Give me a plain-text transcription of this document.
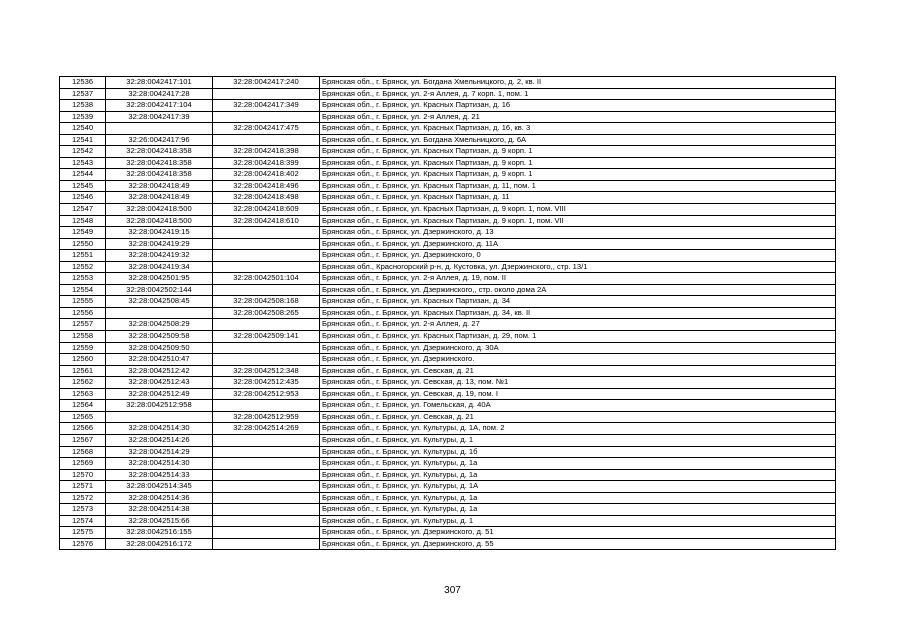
12536	32:28:0042417:101	32:28:0042417:240	Брянская обл., г. Брянск, ул. Богдана Хмельницкого, д. 2, кв. II
12537	32:28:0042417:28		Брянская обл., г. Брянск, ул. 2-я Аллея, д. 7 корп. 1, пом. 1
12538	32:28:0042417:104	32:28:0042417:349	Брянская обл., г. Брянск, ул. Красных Партизан, д. 16
12539	32:28:0042417:39		Брянская обл., г. Брянск, ул. 2-я Аллея, д. 21
12540		32:28:0042417:475	Брянская обл., г. Брянск, ул. Красных Партизан, д. 16, кв. 3
12541	32:26:0042417:96		Брянская обл., г. Брянск, ул. Богдана Хмельницкого, д. 6А
12542	32:28:0042418:358	32:28:0042418:398	Брянская обл., г. Брянск, ул. Красных Партизан, д. 9 корп. 1
12543	32:28:0042418:358	32:28:0042418:399	Брянская обл., г. Брянск, ул. Красных Партизан, д. 9 корп. 1
12544	32:28:0042418:358	32:28:0042418:402	Брянская обл., г. Брянск, ул. Красных Партизан, д. 9 корп. 1
12545	32:28:0042418:49	32:28:0042418:496	Брянская обл., г. Брянск, ул. Красных Партизан, д. 11, пом. 1
12546	32:28:0042418:49	32:28:0042418:498	Брянская обл., г. Брянск, ул. Красных Партизан, д. 11
12547	32:28:0042418:500	32:28:0042418:609	Брянская обл., г. Брянск, ул. Красных Партизан, д. 9 корп. 1, пом. VIII
12548	32:28:0042418:500	32:28:0042418:610	Брянская обл., г. Брянск, ул. Красных Партизан, д. 9 корп. 1, пом. VII
12549	32:28:0042419:15		Брянская обл., г. Брянск, ул. Дзержинского, д. 13
12550	32:28:0042419:29		Брянская обл., г. Брянск, ул. Дзержинского, д. 11А
12551	32:28:0042419:32		Брянская обл., г. Брянск, ул. Дзержинского, 0
12552	32:28:0042419:34		Брянская обл., Красногорский р-н, д. Кустовка, ул. Дзержинского,, стр. 13/1
12553	32:28:0042501:95	32:28:0042501:104	Брянская обл., г. Брянск, ул. 2-я Аллея, д. 19, пом. II
12554	32:28:0042502:144		Брянская обл., г. Брянск, ул. Дзержинского,, стр. около дома 2А
12555	32:28:0042508:45	32:28:0042508:168	Брянская обл., г. Брянск, ул. Красных Партизан, д. 34
12556		32:28:0042508:265	Брянская обл., г. Брянск, ул. Красных Партизан, д. 34, кв. II
12557	32:28:0042508:29		Брянская обл., г. Брянск, ул. 2-я Аллея, д. 27
12558	32:28:0042509:58	32:28:0042509:141	Брянская обл., г. Брянск, ул. Красных Партизан, д. 29, пом. 1
12559	32:28:0042509:50		Брянская обл., г. Брянск, ул. Дзержинского, д. 30А
12560	32:28:0042510:47		Брянская обл., г. Брянск, ул. Дзержинского.
12561	32:28:0042512:42	32:28:0042512:348	Брянская обл., г. Брянск, ул. Севская, д. 21
12562	32:28:0042512:43	32:28:0042512:435	Брянская обл., г. Брянск, ул. Севская, д. 13, пом. №1
12563	32:28:0042512:49	32:28:0042512:953	Брянская обл., г. Брянск, ул. Севская, д. 19, пом. I
12564	32:28:0042512:958		Брянская обл., г. Брянск, ул. Гомельская, д. 40А
12565		32:28:0042512:959	Брянская обл., г. Брянск, ул. Севская, д. 21
12566	32:28:0042514:30	32:28:0042514:269	Брянская обл., г. Брянск, ул. Культуры, д. 1А, пом. 2
12567	32:28:0042514:26		Брянская обл., г. Брянск, ул. Культуры, д. 1
12568	32:28:0042514:29		Брянская обл., г. Брянск, ул. Культуры, д. 1б
12569	32:28:0042514:30		Брянская обл., г. Брянск, ул. Культуры, д. 1а
12570	32:28:0042514:33		Брянская обл., г. Брянск, ул. Культуры, д. 1а
12571	32:28:0042514:345		Брянская обл., г. Брянск, ул. Культуры, д. 1А
12572	32:28:0042514:36		Брянская обл., г. Брянск, ул. Культуры, д. 1а
12573	32:28:0042514:38		Брянская обл., г. Брянск, ул. Культуры, д. 1а
12574	32:28:0042515:66		Брянская обл., г. Брянск, ул. Культуры, д. 1
12575	32:28:0042516:155		Брянская обл., г. Брянск, ул. Дзержинского, д. 51
12576	32:28:0042516:172		Брянская обл., г. Брянск, ул. Дзержинского, д. 55
307
